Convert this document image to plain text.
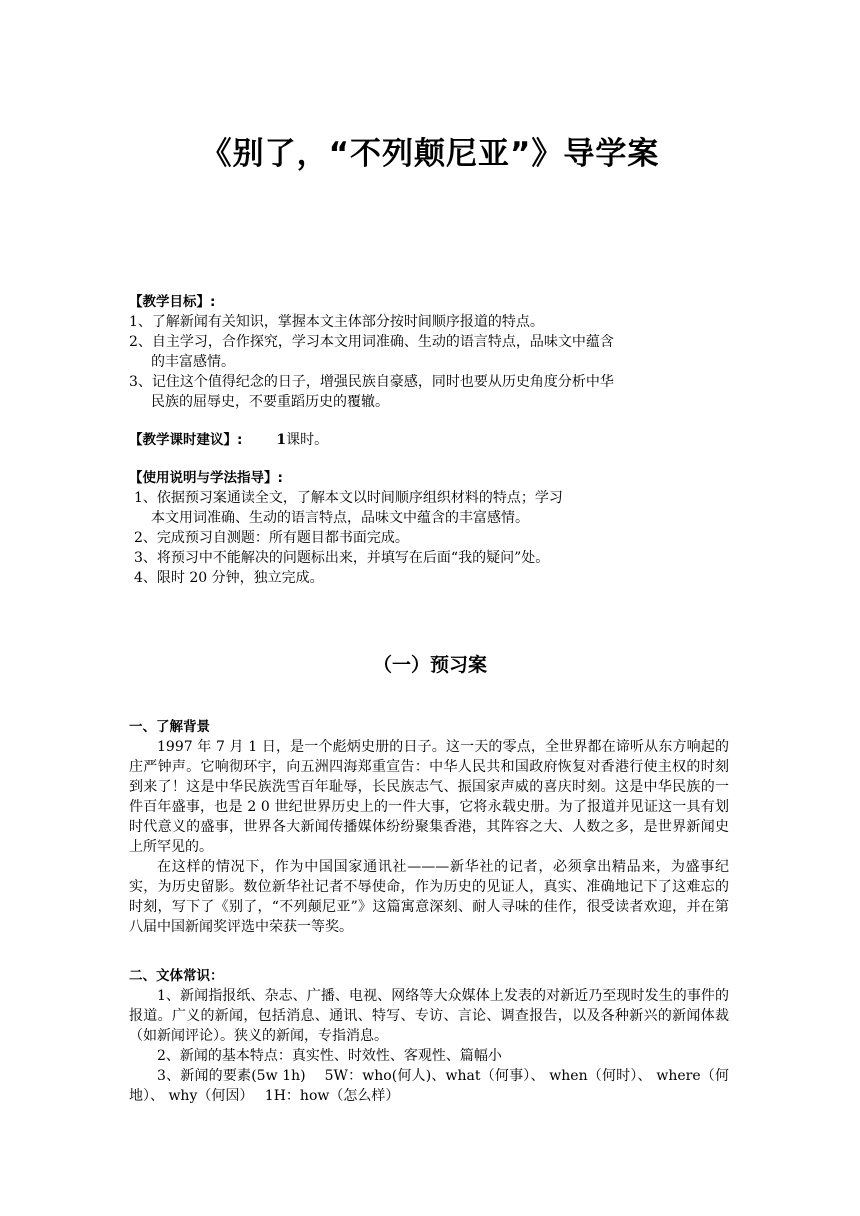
《别了，“不列颠尼亚”》导学案
【教学目标】:
1、了解新闻有关知识，掌握本文主体部分按时间顺序报道的特点。
2、自主学习，合作探究，学习本文用词准确、生动的语言特点，品味文中蕴含
的丰富感情。
3、记住这个值得纪念的日子，增强民族自豪感，同时也要从历史角度分析中华
民族的屈辱史，不要重蹈历史的覆辙。
【教学课时建议】: 1课时。
【使用说明与学法指导】:
1、依据预习案通读全文，了解本文以时间顺序组织材料的特点；学习
本文用词准确、生动的语言特点，品味文中蕴含的丰富感情。
2、完成预习自测题：所有题目都书面完成。
3、将预习中不能解决的问题标出来，并填写在后面“我的疑问”处。
4、限时 20 分钟，独立完成。
（一）预习案
一、了解背景

1997 年 7 月 1 日，是一个彪炳史册的日子。这一天的零点，全世界都在谛听从东方响起的庄严钟声。它响彻环宇，向五洲四海郑重宣告：中华人民共和国政府恢复对香港行使主权的时刻到来了！这是中华民族洗雪百年耻辱，长民族志气、振国家声威的喜庆时刻。这是中华民族的一件百年盛事，也是 2 0 世纪世界历史上的一件大事，它将永载史册。为了报道并见证这一具有划时代意义的盛事，世界各大新闻传播媒体纷纷聚集香港，其阵容之大、人数之多，是世界新闻史上所罕见的。

在这样的情况下，作为中国国家通讯社———新华社的记者，必须拿出精品来，为盛事纪实，为历史留影。数位新华社记者不辱使命，作为历史的见证人，真实、准确地记下了这难忘的时刻，写下了《别了，“不列颠尼亚”》这篇寓意深刻、耐人寻味的佳作，很受读者欢迎，并在第八届中国新闻奖评选中荣获一等奖。

二、文体常识：

1、新闻指报纸、杂志、广播、电视、网络等大众媒体上发表的对新近乃至现时发生的事件的报道。广义的新闻，包括消息、通讯、特写、专访、言论、调查报告，以及各种新兴的新闻体裁（如新闻评论）。狭义的新闻，专指消息。

2、新闻的基本特点：真实性、时效性、客观性、篇幅小

3、新闻的要素(5w 1h)　 5W：who(何人)、what（何事）、 when（何时）、 where（何地）、 why（何因）　 1H：how（怎么样）
